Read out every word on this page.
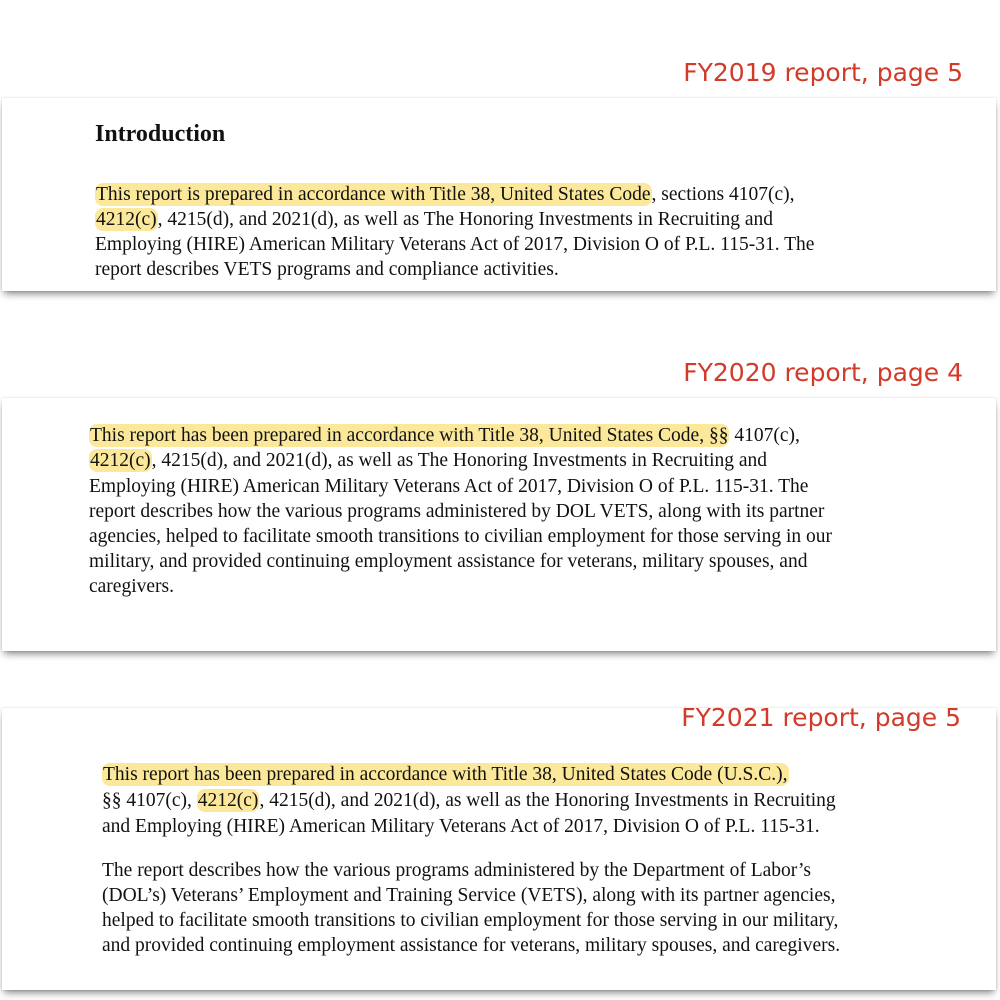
FY2019 report, page 5
Introduction
This report is prepared in accordance with Title 38, United States Code, sections 4107(c),
4212(c), 4215(d), and 2021(d), as well as The Honoring Investments in Recruiting and
Employing (HIRE) American Military Veterans Act of 2017, Division O of P.L. 115-31. The
report describes VETS programs and compliance activities.
FY2020 report, page 4
This report has been prepared in accordance with Title 38, United States Code, §§ 4107(c),
4212(c), 4215(d), and 2021(d), as well as The Honoring Investments in Recruiting and
Employing (HIRE) American Military Veterans Act of 2017, Division O of P.L. 115-31. The
report describes how the various programs administered by DOL VETS, along with its partner
agencies, helped to facilitate smooth transitions to civilian employment for those serving in our
military, and provided continuing employment assistance for veterans, military spouses, and
caregivers.
FY2021 report, page 5
This report has been prepared in accordance with Title 38, United States Code (U.S.C.),
§§ 4107(c), 4212(c), 4215(d), and 2021(d), as well as the Honoring Investments in Recruiting
and Employing (HIRE) American Military Veterans Act of 2017, Division O of P.L. 115-31.
The report describes how the various programs administered by the Department of Labor’s
(DOL’s) Veterans’ Employment and Training Service (VETS), along with its partner agencies,
helped to facilitate smooth transitions to civilian employment for those serving in our military,
and provided continuing employment assistance for veterans, military spouses, and caregivers.
